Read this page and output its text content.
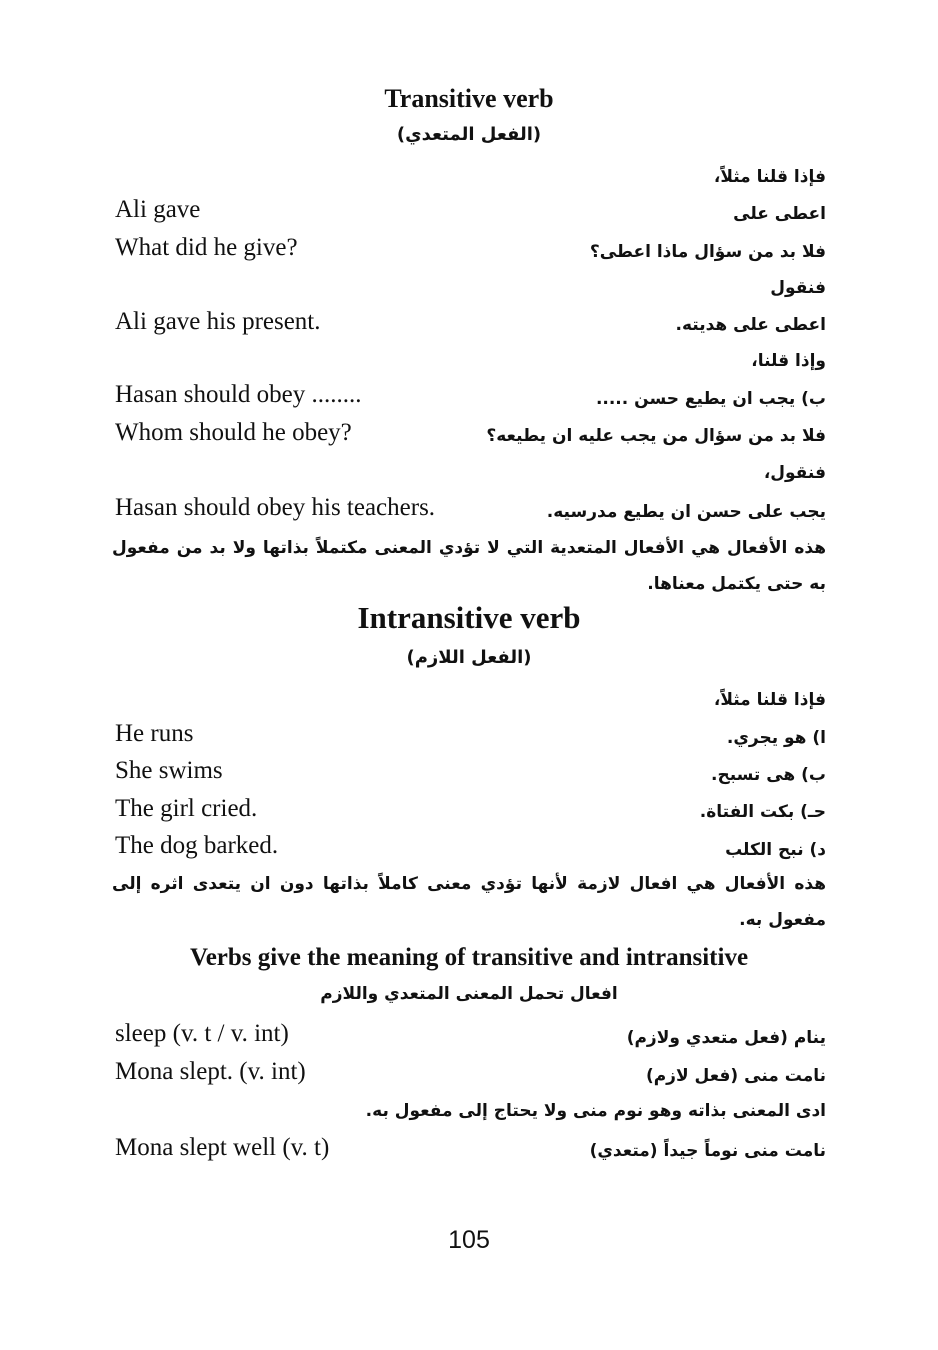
Transitive verb
(الفعل المتعدي)
فإذا قلنا مثلاً،
Ali gave	اعطى على
What did he give?	فلا بد من سؤال ماذا اعطى؟
فنقول
Ali gave his present.	اعطى على هديته.
وإذا قلنا،
Hasan should obey ........	ب) يجب ان يطيع حسن .....
Whom should he obey?	فلا بد من سؤال من يجب عليه ان يطيعه؟
فنقول،
Hasan should obey his teachers.	يجب على حسن ان يطيع مدرسيه.
هذه الأفعال هي الأفعال المتعدية التي لا تؤدي المعنى مكتملاً بذاتها ولا بد من مفعول به حتى يكتمل معناها.
Intransitive verb
(الفعل اللازم)
فإذا قلنا مثلاً،
He runs	ا) هو يجري.
She swims	ب) هى تسبح.
The girl cried.	حـ) بكت الفتاة.
The dog barked.	د) نبح الكلب
هذه الأفعال هي افعال لازمة لأنها تؤدي معنى كاملاً بذاتها دون ان يتعدى اثره إلى مفعول به.
Verbs give the meaning of transitive and intransitive
افعال تحمل المعنى المتعدي واللازم
sleep (v. t / v. int)	ينام (فعل متعدي ولازم)
Mona slept. (v. int)	نامت منى (فعل لازم)
ادى المعنى بذاته وهو نوم منى ولا يحتاج إلى مفعول به.
Mona slept well (v. t)	نامت منى نوماً جيداً (متعدي)
105
